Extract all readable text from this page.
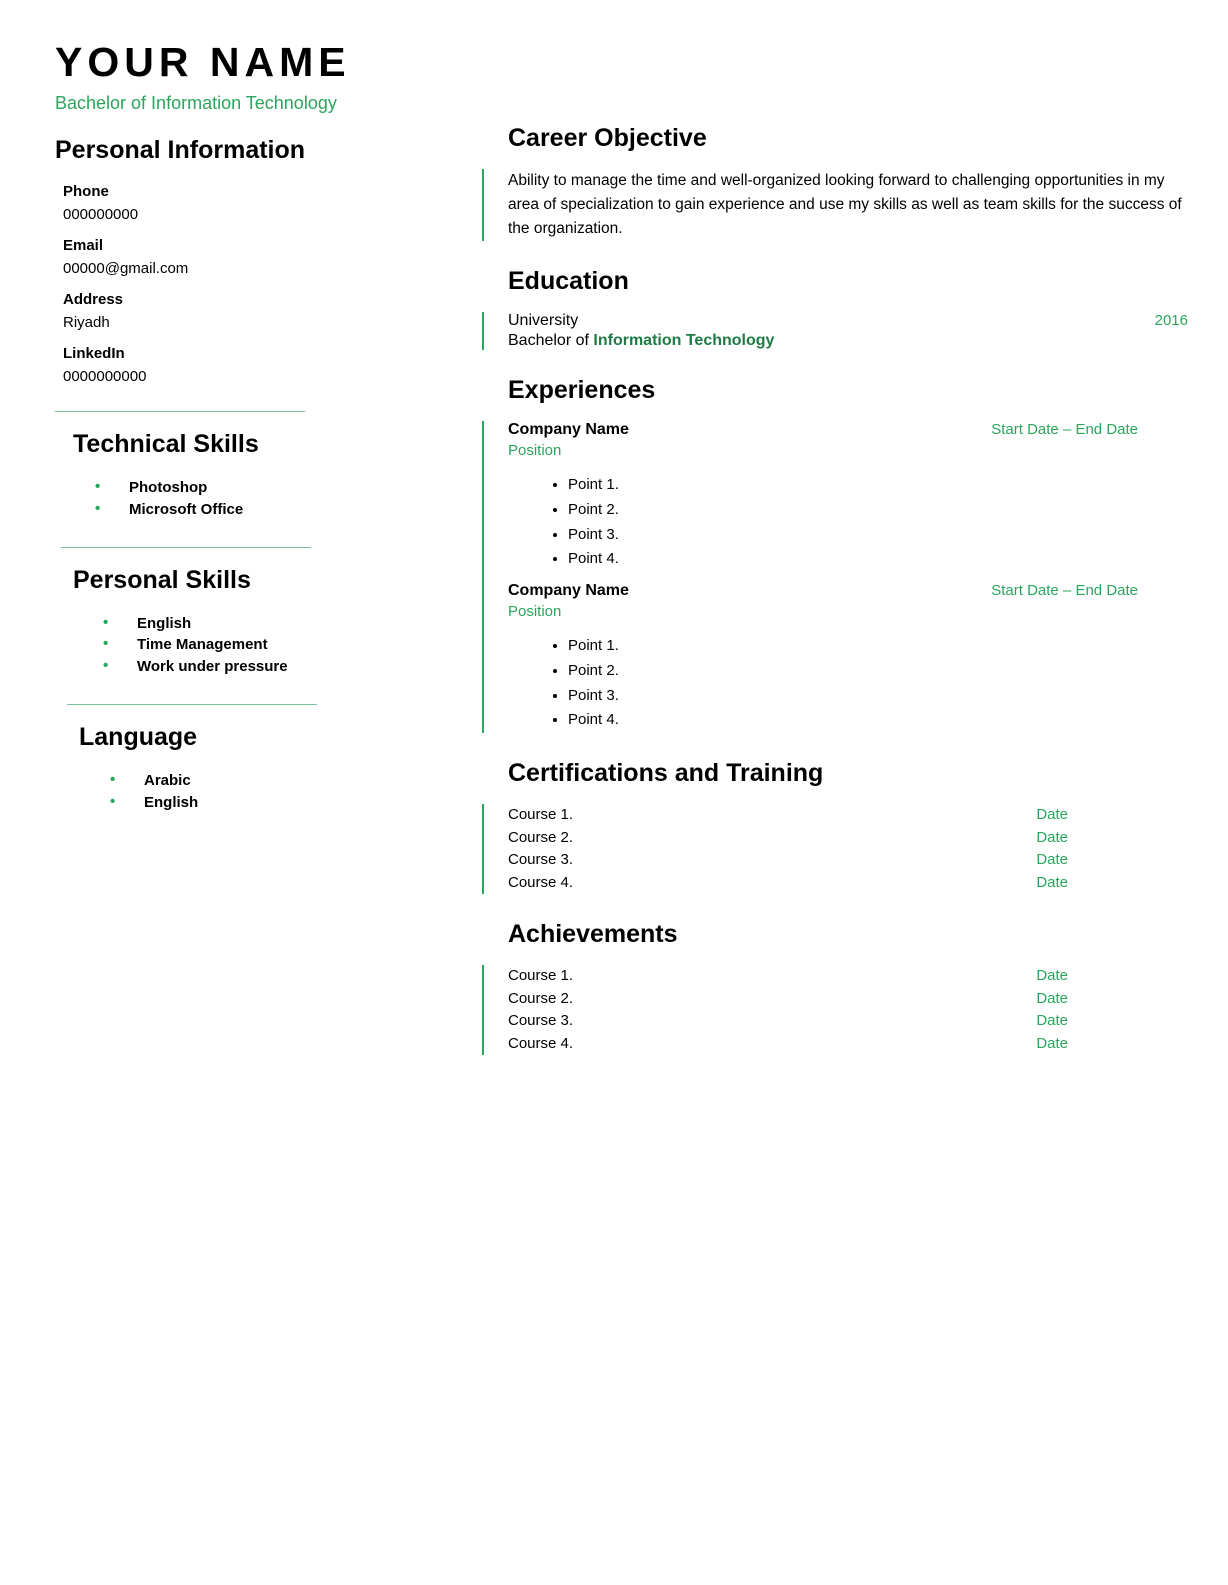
YOUR NAME
Bachelor of Information Technology
Personal Information
Phone
000000000
Email
00000@gmail.com
Address
Riyadh
LinkedIn
0000000000
Technical Skills
• Photoshop
• Microsoft Office
Personal Skills
• English
• Time Management
• Work under pressure
Language
• Arabic
• English
Career Objective
Ability to manage the time and well-organized looking forward to challenging opportunities in my area of specialization to gain experience and use my skills as well as team skills for the success of the organization.
Education
University	2016
Bachelor of Information Technology
Experiences
Company Name	Start Date – End Date
Position
• Point 1.
• Point 2.
• Point 3.
• Point 4.
Company Name	Start Date – End Date
Position
• Point 1.
• Point 2.
• Point 3.
• Point 4.
Certifications and Training
Course 1.	Date
Course 2.	Date
Course 3.	Date
Course 4.	Date
Achievements
Course 1.	Date
Course 2.	Date
Course 3.	Date
Course 4.	Date
